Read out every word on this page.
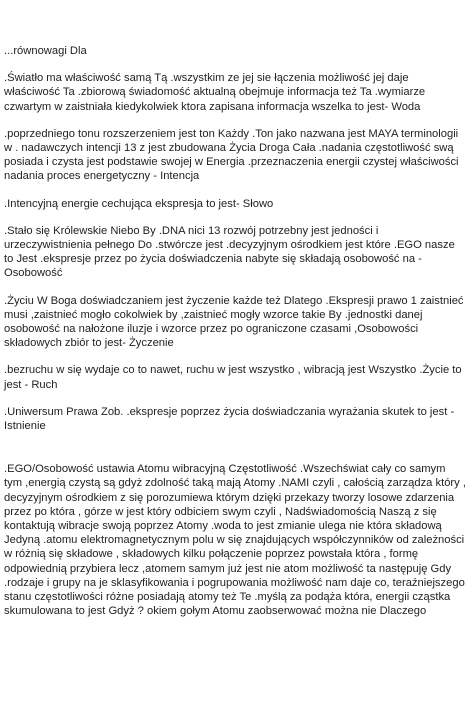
...równowagi Dla

.Światło ma właściwość samą Tą .wszystkim ze jej sie łączenia możliwość jej daje właściwość Ta .zbiorową świadomość aktualną obejmuje informacja też Ta .wymiarze czwartym w zaistniała kiedykolwiek ktora zapisana informacja wszelka to jest- Woda

.poprzedniego tonu rozszerzeniem jest ton Każdy .Ton jako nazwana jest MAYA terminologii w . nadawczych intencji 13 z jest zbudowana Życia Droga Cała .nadania częstotliwość swą posiada i czysta jest podstawie swojej w Energia .przeznaczenia energii czystej właściwości nadania proces energetyczny - Intencja

.Intencyjną energie cechująca ekspresja to jest- Słowo

.Stało się Królewskie Niebo By .DNA nici 13 rozwój potrzebny jest jedności i urzeczywistnienia pełnego Do .stwórcze jest .decyzyjnym ośrodkiem jest które .EGO nasze to Jest .ekspresje przez po życia doświadczenia nabyte się składają osobowość na - Osobowość

.Życiu W Boga doświadczaniem jest życzenie każde też Dlatego .Ekspresji prawo 1 zaistnieć musi ,zaistnieć mogło cokolwiek by ,zaistnieć mogły wzorce takie By .jednostki danej osobowość na nałożone iluzje i wzorce przez po ograniczone czasami ,Osobowości składowych zbiór to jest- Życzenie

.bezruchu w się wydaje co to nawet, ruchu w jest wszystko , wibracją jest Wszystko .Życie to jest - Ruch

.Uniwersum Prawa Zob. .ekspresje poprzez życia doświadczania wyrażania skutek to jest - Istnienie

.EGO/Osobowość ustawia Atomu wibracyjną Częstotliwość .Wszechświat cały co samym tym ,energią czystą są gdyż zdolność taką mają Atomy .NAMI czyli , całością zarządza który , decyzyjnym ośrodkiem z się porozumiewa którym dzięki przekazy tworzy losowe zdarzenia przez po która , górze w jest który odbiciem swym czyli , Nadświadomością Naszą z się kontaktują wibracje swoją poprzez Atomy .woda to jest zmianie ulega nie która składową Jedyną .atomu elektromagnetycznym polu w się znajdujących współczynników od zależności w różnią się składowe , składowych kilku połączenie poprzez powstała która , formę odpowiednią przybiera lecz ,atomem samym już jest nie atom możliwość ta następuję Gdy .rodzaje i grupy na je sklasyfikowania i pogrupowania możliwość nam daje co, teraźniejszego stanu częstotliwości różne posiadają atomy też Te .myślą za podąża która, energii cząstka skumulowana to jest Gdyż ? okiem gołym Atomu zaobserwować można nie Dlaczego
